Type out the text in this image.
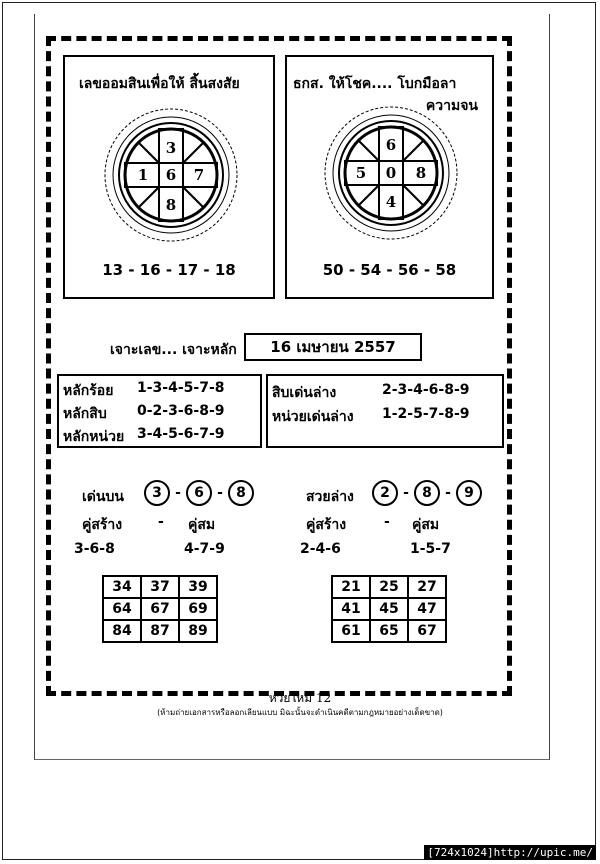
เลขออมสินเพื่อให้ สิ้นสงสัย
3
1 6 7
8
13 - 16 - 17 - 18
ธกส. ให้โชค.... โบกมือลา
ความจน
6
5 0 8
4
50 - 54 - 56 - 58
เจาะเลข... เจาะหลัก	16 เมษายน 2557
หลักร้อย 1-3-4-5-7-8
หลักสิบ 0-2-3-6-8-9
หลักหน่วย 3-4-5-6-7-9
สิบเด่นล่าง	2-3-4-6-8-9
หน่วยเด่นล่าง 1-2-5-7-8-9
เด่นบน	3 - 6 - 8
คู่สร้าง	- คู่สม
3-6-8	4-7-9
34	37	39
64	67	69
84	87	89
สวยล่าง	2 - 8 - 9
คู่สร้าง	- คู่สม
2-4-6	1-5-7
21	25	27
41	45	47
61	65	67
หวยใหม่ 12
(ห้ามถ่ายเอกสารหรือลอกเลียนแบบ มิฉะนั้นจะดำเนินคดีตามกฎหมายอย่างเด็ดขาด)
[724x1024]http://upic.me/
